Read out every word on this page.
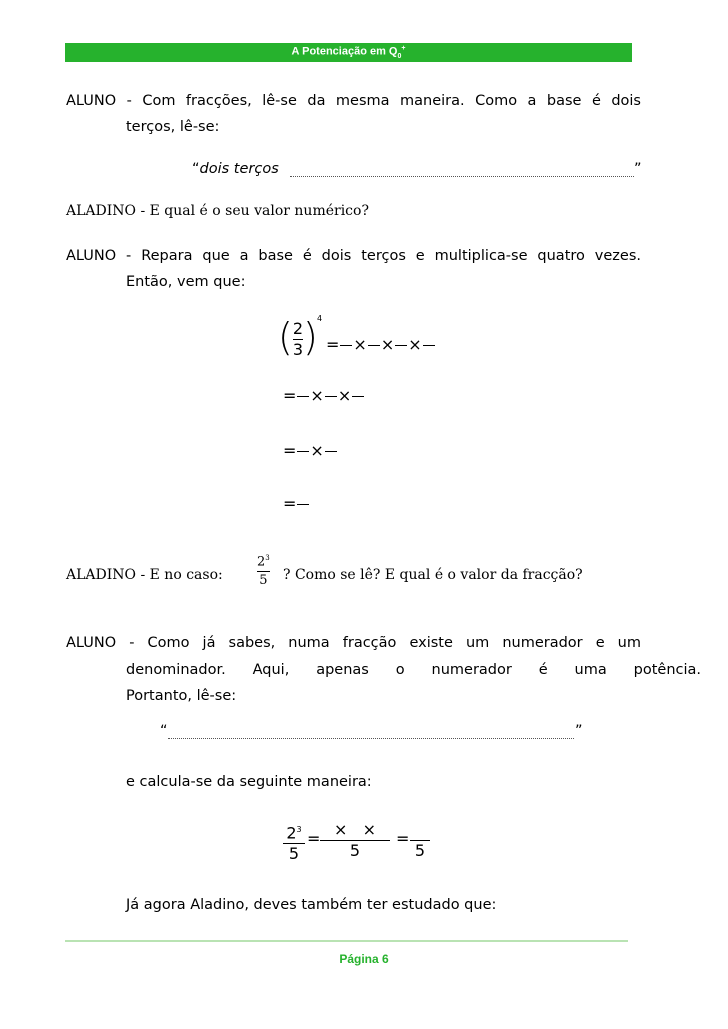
A Potenciação em $Q_0^+$
ALUNO - Com fracções, lê-se da mesma maneira. Como a base é dois
terços, lê-se:
“dois terços	”
ALADINO - E qual é o seu valor numérico?
ALUNO - Repara que a base é dois terços e multiplica-se quatro vezes.
Então, vem que:
( $\frac{2}{3}$ ) 4
= × × ×
= × ×
= ×
=
ALADINO - E no caso:	$\frac{2^3}{5}$ ? Como se lê? E qual é o valor da fracção?
ALUNO - Como já sabes, numa fracção existe um numerador e um
denominador. Aqui, apenas o numerador é uma potência.
Portanto, lê-se:
“	”
e calcula-se da seguinte maneira:
$\frac{2^3}{5} = \frac{\times \times}{5}$ =

5
Já agora Aladino, deves também ter estudado que:
Página 6
